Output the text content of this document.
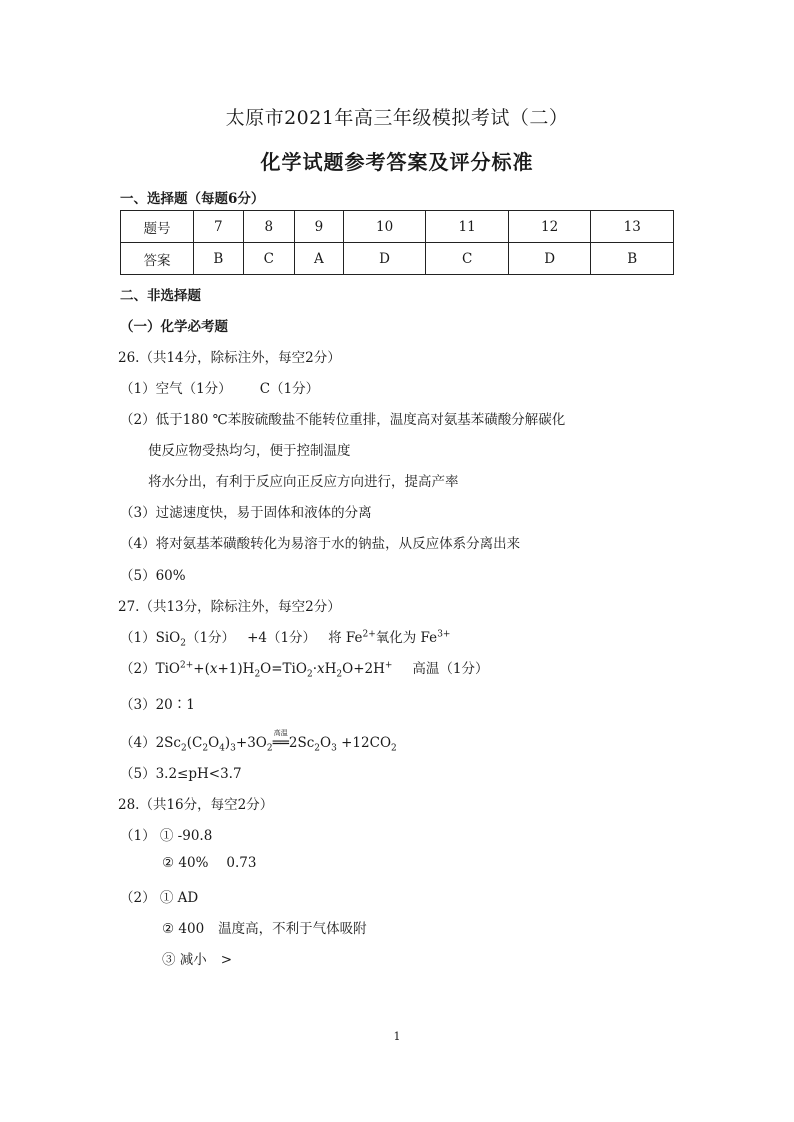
太原市2021年高三年级模拟考试（二）
化学试题参考答案及评分标准
一、选择题（每题6分）
题号	7	8	9	10	11	12	13
答案	B	C	A	D	C	D	B
二、非选择题
（一）化学必考题
26.（共14分，除标注外，每空2分）
（1）空气（1分） C（1分）
（2）低于180 ℃苯胺硫酸盐不能转位重排，温度高对氨基苯磺酸分解碳化
使反应物受热均匀，便于控制温度
将水分出，有利于反应向正反应方向进行，提高产率
（3）过滤速度快，易于固体和液体的分离
（4）将对氨基苯磺酸转化为易溶于水的钠盐，从反应体系分离出来
（5）60%
27.（共13分，除标注外，每空2分）
（1）SiO$_2$（1分） +4（1分） 将 $Fe^{2+}$氧化为 $Fe^{3+}$
$(2)TiO^{2+}+(x+1)H_2O=TiO_2\cdot xH_2O+2H^+$ 高温（1分）
（3）20∶1
$(4)2Sc_2(C_2O_4)_3+3O_2$
高温
$══2Sc_2O_3 +12CO_2$
（5）3.2≤pH<3.7
28.（共16分，每空2分）
（1） ① -90.8
② 40% 0.73
（2） ① AD
② 400 温度高，不利于气体吸附
③ 减小 >
1
